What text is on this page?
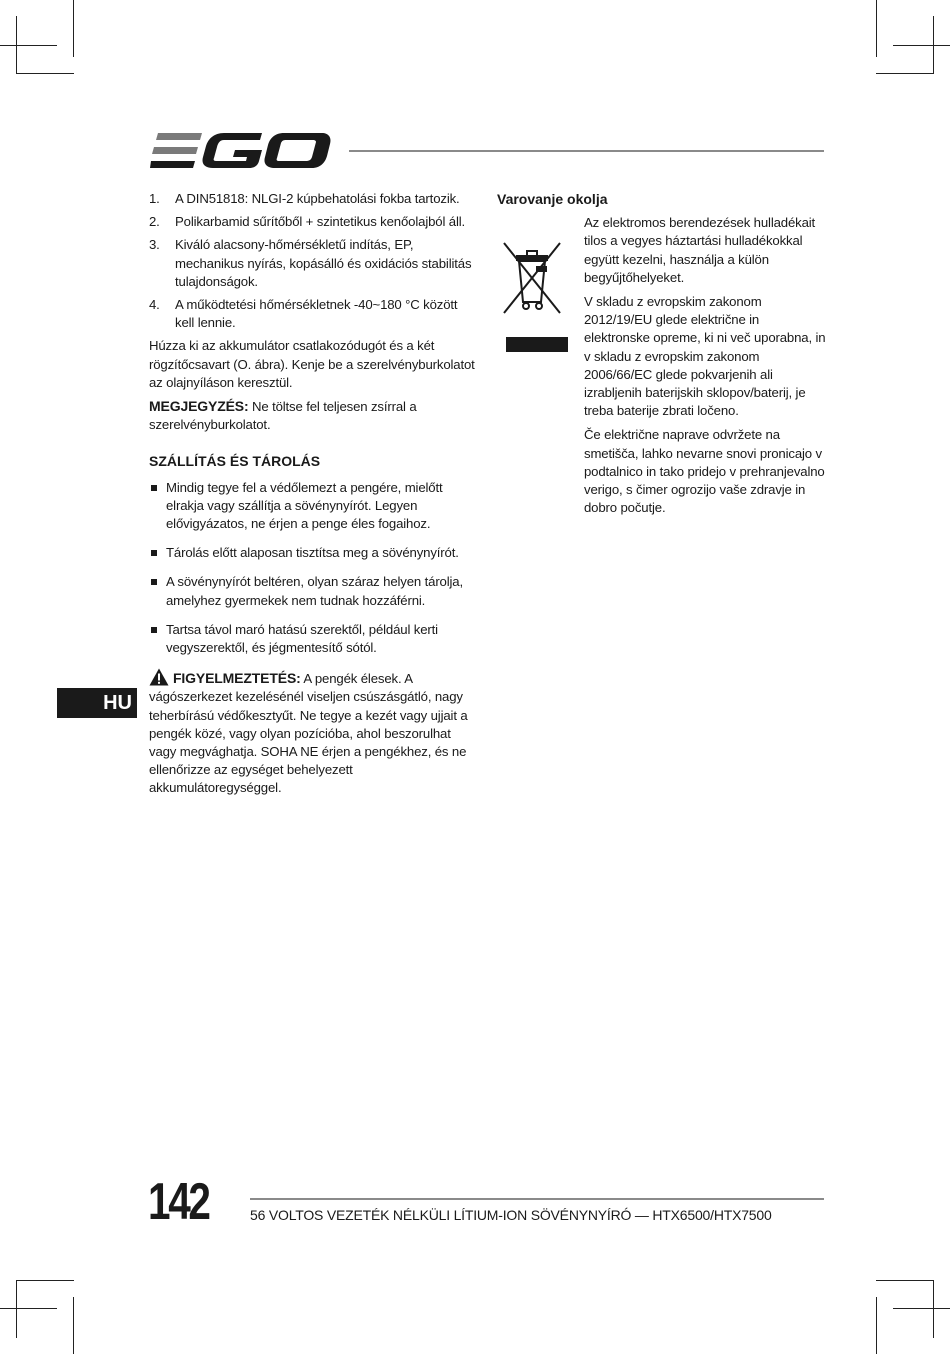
1. A DIN51818: NLGI-2 kúpbehatolási fokba tartozik.
2. Polikarbamid sűrítőből + szintetikus kenőolajból áll.
3. Kiváló alacsony-hőmérsékletű indítás, EP, mechanikus nyírás, kopásálló és oxidációs stabilitás tulajdonságok.
4. A működtetési hőmérsékletnek -40~180 °C között kell lennie.

Húzza ki az akkumulátor csatlakozódugót és a két rögzítőcsavart (O. ábra). Kenje be a szerelvényburkolatot az olajnyíláson keresztül.

MEGJEGYZÉS: Ne töltse fel teljesen zsírral a szerelvényburkolatot.

SZÁLLÍTÁS ÉS TÁROLÁS
Mindig tegye fel a védőlemezt a pengére, mielőtt elrakja vagy szállítja a sövénynyírót. Legyen elővigyázatos, ne érjen a penge éles fogaihoz.
Tárolás előtt alaposan tisztítsa meg a sövénynyírót.
A sövénynyírót beltéren, olyan száraz helyen tárolja, amelyhez gyermekek nem tudnak hozzáférni.
Tartsa távol maró hatású szerektől, például kerti vegyszerektől, és jégmentesítő sótól.

FIGYELMEZTETÉS: A pengék élesek. A vágószerkezet kezelésénél viseljen csúszásgátló, nagy teherbírású védőkesztyűt. Ne tegye a kezét vagy ujjait a pengék közé, vagy olyan pozícióba, ahol beszorulhat vagy megvághatja. SOHA NE érjen a pengékhez, és ne ellenőrizze az egységet behelyezett akkumulátoregységgel.

Varovanje okolja

Az elektromos berendezések hulladékait tilos a vegyes háztartási hulladékokkal együtt kezelni, használja a külön begyűjtőhelyeket.

V skladu z evropskim zakonom 2012/19/EU glede električne in elektronske opreme, ki ni več uporabna, in v skladu z evropskim zakonom 2006/66/EC glede pokvarjenih ali izrabljenih baterijskih sklopov/baterij, je treba baterije zbrati ločeno.

Če električne naprave odvržete na smetišča, lahko nevarne snovi pronicajo v podtalnico in tako pridejo v prehranjevalno verigo, s čimer ogrozijo vaše zdravje in dobro počutje.

HU
142	56 VOLTOS VEZETÉK NÉLKÜLI LÍTIUM-ION SÖVÉNYNYÍRÓ — HTX6500/HTX7500
